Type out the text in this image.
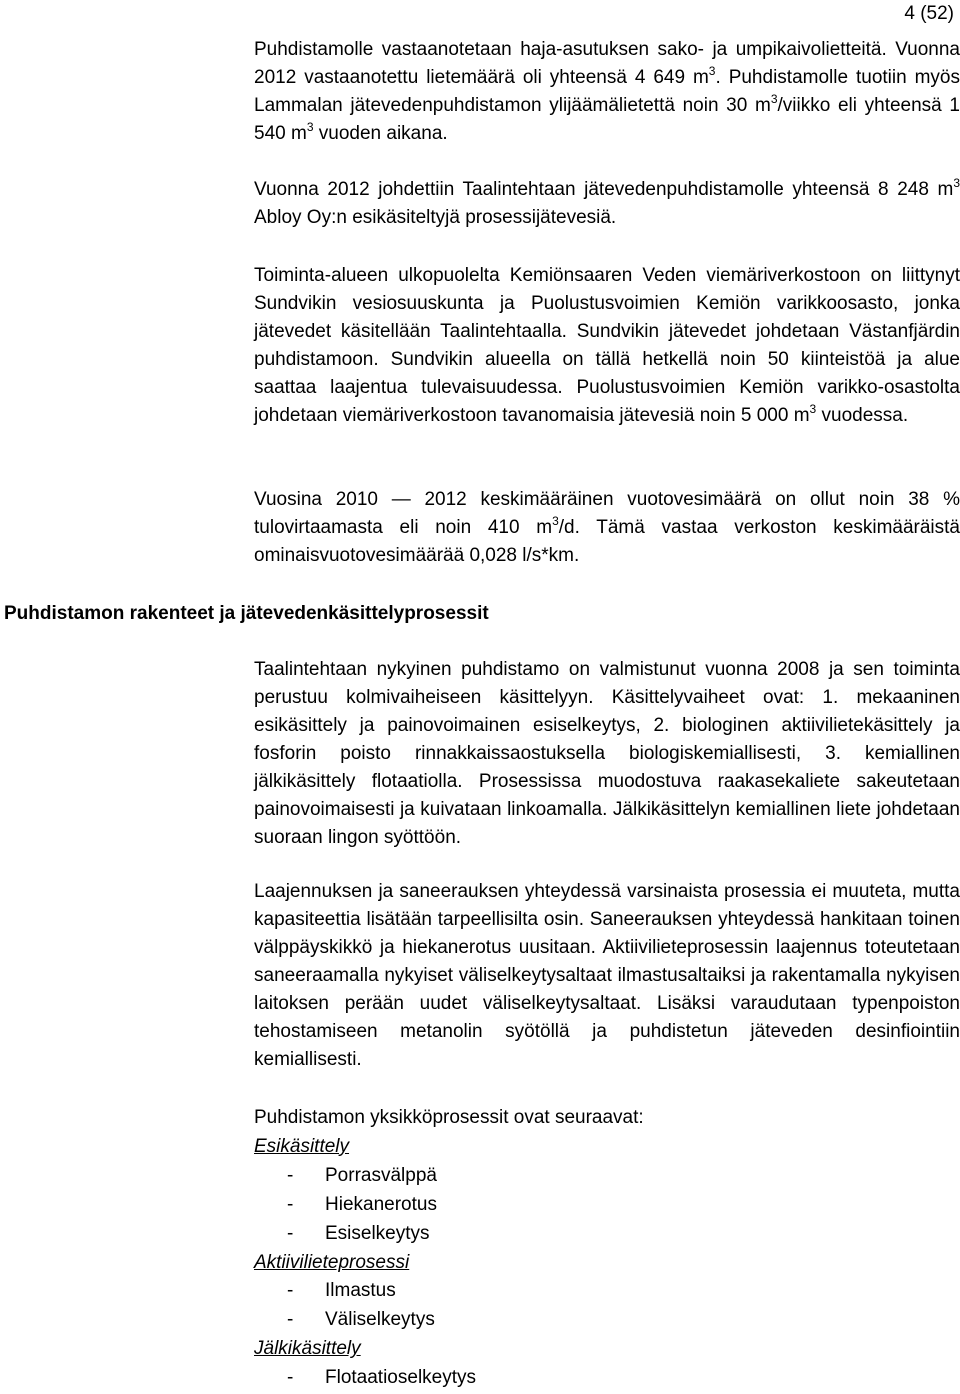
4 (52)

Puhdistamolle vastaanotetaan haja-asutuksen sako- ja umpikaivolietteitä. Vuonna 2012 vastaanotettu lietemäärä oli yhteensä 4 649 $m^3$. Puhdistamolle tuotiin myös Lammalan jätevedenpuhdistamon ylijäämälietettä noin 30 $m^3$/viikko eli yhteensä 1 540 $m^3$ vuoden aikana.

Vuonna 2012 johdettiin Taalintehtaan jätevedenpuhdistamolle yhteensä 8 248 $m^3$ Abloy Oy:n esikäsiteltyjä prosessijätevesiä.

Toiminta-alueen ulkopuolelta Kemiönsaaren Veden viemäriverkostoon on liittynyt Sundvikin vesiosuuskunta ja Puolustusvoimien Kemiön varikkoosasto, jonka jätevedet käsitellään Taalintehtaalla. Sundvikin jätevedet johdetaan Västanfjärdin puhdistamoon. Sundvikin alueella on tällä hetkellä noin 50 kiinteistöä ja alue saattaa laajentua tulevaisuudessa. Puolustusvoimien Kemiön varikko-osastolta johdetaan viemäriverkostoon tavanomaisia jätevesiä noin 5 000 $m^3$ vuodessa.

Vuosina 2010 — 2012 keskimääräinen vuotovesimäärä on ollut noin 38 % tulovirtaamasta eli noin 410 $m^3/d$. Tämä vastaa verkoston keskimääräistä ominaisvuotovesimäärää 0,028 l/s*km.

Puhdistamon rakenteet ja jätevedenkäsittelyprosessit

Taalintehtaan nykyinen puhdistamo on valmistunut vuonna 2008 ja sen toiminta perustuu kolmivaiheiseen käsittelyyn. Käsittelyvaiheet ovat: 1. mekaaninen esikäsittely ja painovoimainen esiselkeytys, 2. biologinen aktiivilietekäsittely ja fosforin poisto rinnakkaissaostuksella biologiskemiallisesti, 3. kemiallinen jälkikäsittely flotaatiolla. Prosessissa muodostuva raakasekaliete sakeutetaan painovoimaisesti ja kuivataan linkoamalla. Jälkikäsittelyn kemiallinen liete johdetaan suoraan lingon syöttöön.

Laajennuksen ja saneerauksen yhteydessä varsinaista prosessia ei muuteta, mutta kapasiteettia lisätään tarpeellisilta osin. Saneerauksen yhteydessä hankitaan toinen välppäyskikkö ja hiekanerotus uusitaan. Aktiivilieteprosessin laajennus toteutetaan saneeraamalla nykyiset väliselkeytysaltaat ilmastusaltaiksi ja rakentamalla nykyisen laitoksen perään uudet väliselkeytysaltaat. Lisäksi varaudutaan typenpoiston tehostamiseen metanolin syötöllä ja puhdistetun jäteveden desinfiointiin kemiallisesti.

Puhdistamon yksikköprosessit ovat seuraavat:
Esikäsittely
- Porrasvälppä
- Hiekanerotus
- Esiselkeytys
Aktiivilieteprosessi
- Ilmastus
- Väliselkeytys
Jälkikäsittely
- Flotaatioselkeytys
